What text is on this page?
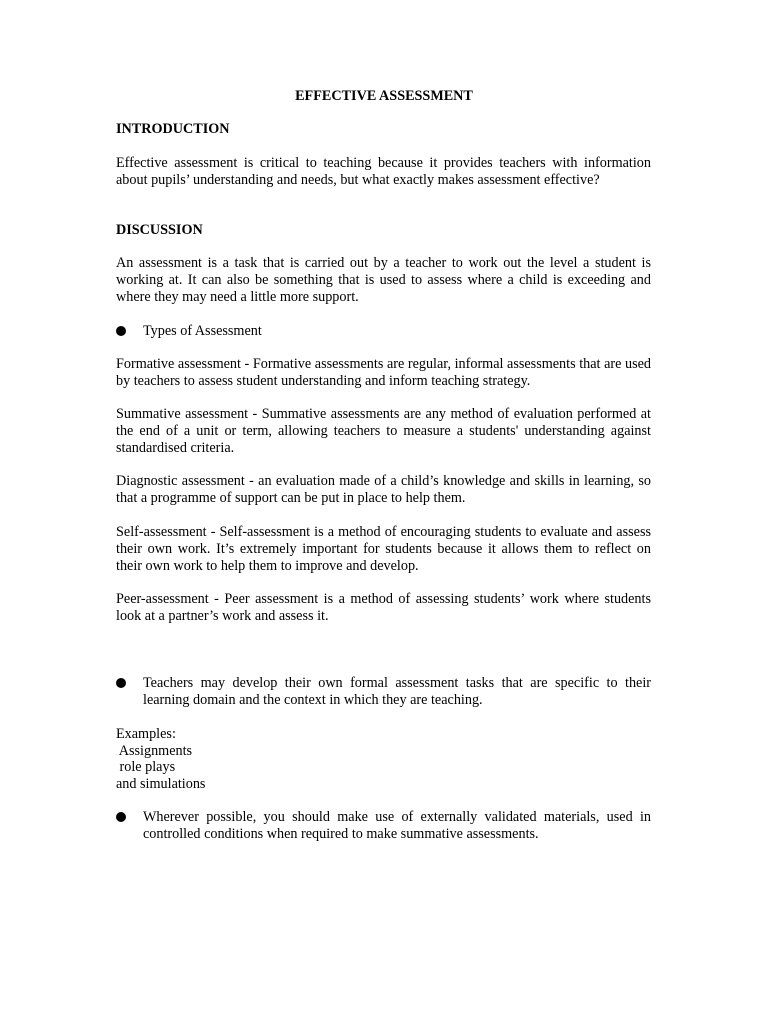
EFFECTIVE ASSESSMENT
INTRODUCTION
Effective assessment is critical to teaching because it provides teachers with information about pupils’ understanding and needs, but what exactly makes assessment effective?
DISCUSSION
An assessment is a task that is carried out by a teacher to work out the level a student is working at. It can also be something that is used to assess where a child is exceeding and where they may need a little more support.
Types of Assessment
Formative assessment - Formative assessments are regular, informal assessments that are used by teachers to assess student understanding and inform teaching strategy.
Summative assessment - Summative assessments are any method of evaluation performed at the end of a unit or term, allowing teachers to measure a students' understanding against standardised criteria.
Diagnostic assessment - an evaluation made of a child’s knowledge and skills in learning, so that a programme of support can be put in place to help them.
Self-assessment - Self-assessment is a method of encouraging students to evaluate and assess their own work. It’s extremely important for students because it allows them to reflect on their own work to help them to improve and develop.
Peer-assessment - Peer assessment is a method of assessing students’ work where students look at a partner’s work and assess it.
Teachers may develop their own formal assessment tasks that are specific to their learning domain and the context in which they are teaching.
Examples:
Assignments
role plays
and simulations
Wherever possible, you should make use of externally validated materials, used in controlled conditions when required to make summative assessments.
